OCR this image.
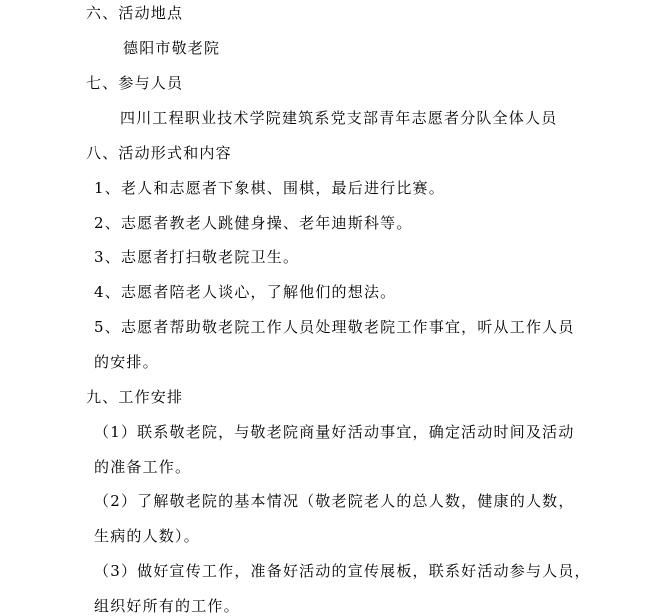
六、活动地点
德阳市敬老院
七、参与人员
四川工程职业技术学院建筑系党支部青年志愿者分队全体人员
八、活动形式和内容
1、老人和志愿者下象棋、围棋，最后进行比赛。
2、志愿者教老人跳健身操、老年迪斯科等。
3、志愿者打扫敬老院卫生。
4、志愿者陪老人谈心，了解他们的想法。
5、志愿者帮助敬老院工作人员处理敬老院工作事宜，听从工作人员
的安排。
九、工作安排
（1）联系敬老院，与敬老院商量好活动事宜，确定活动时间及活动
的准备工作。
（2）了解敬老院的基本情况（敬老院老人的总人数，健康的人数，
生病的人数）。
（3）做好宣传工作，准备好活动的宣传展板，联系好活动参与人员，
组织好所有的工作。
